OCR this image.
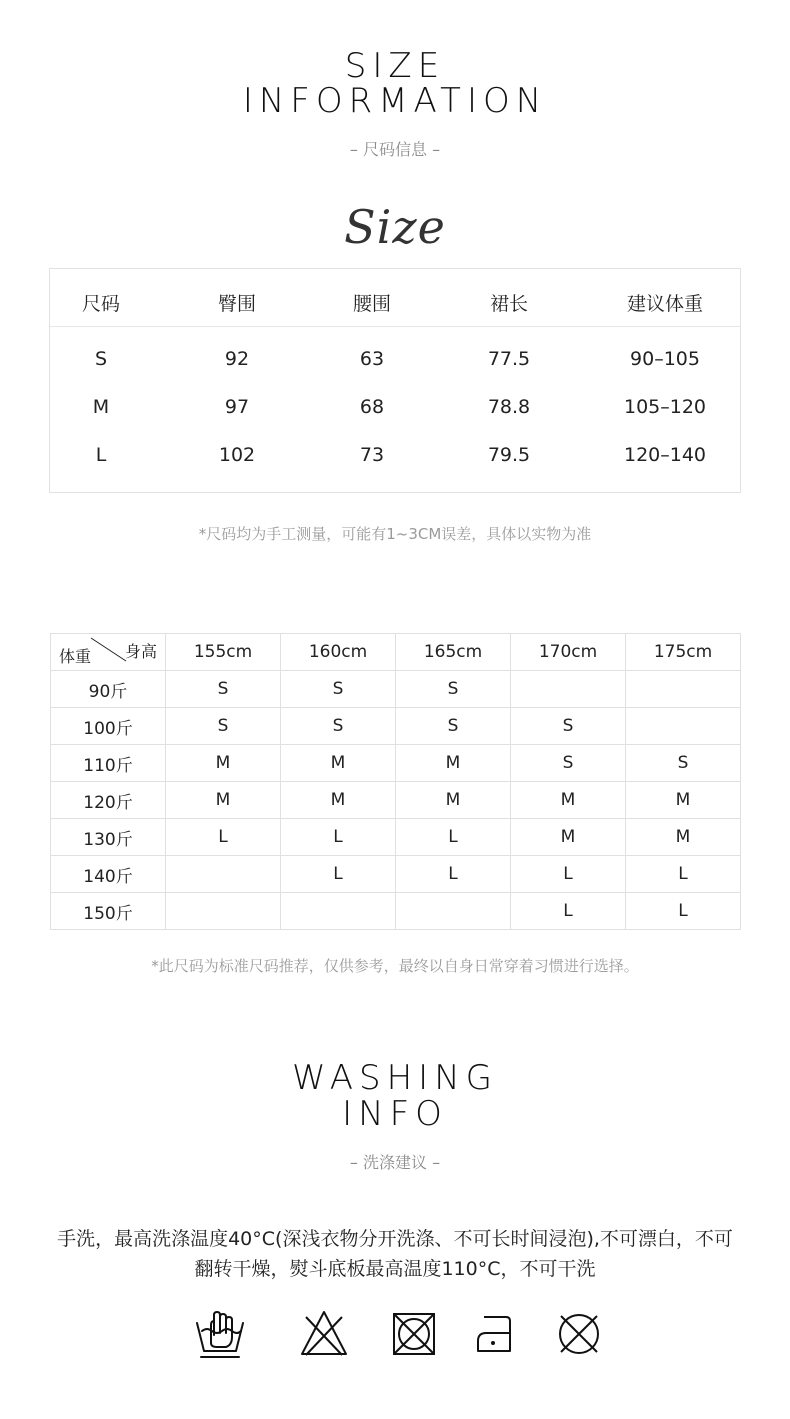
SIZE
INFORMATION
– 尺码信息 –
Size
尺码	臀围	腰围	裙长	建议体重
S	92	63	77.5	90–105
M	97	68	78.8	105–120
L	102	73	79.5	120–140
*尺码均为手工测量，可能有1~3CM误差，具体以实物为准
身高
体重	155cm	160cm	165cm	170cm	175cm
90斤	S	S	S		
100斤	S	S	S	S	
110斤	M	M	M	S	S
120斤	M	M	M	M	M
130斤	L	L	L	M	M
140斤		L	L	L	L
150斤				L	L
*此尺码为标准尺码推荐，仅供参考，最终以自身日常穿着习惯进行选择。
WASHING
INFO
– 洗涤建议 –
手洗，最高洗涤温度40°C(深浅衣物分开洗涤、不可长时间浸泡),不可漂白，不可
翻转干燥，熨斗底板最高温度110°C，不可干洗
